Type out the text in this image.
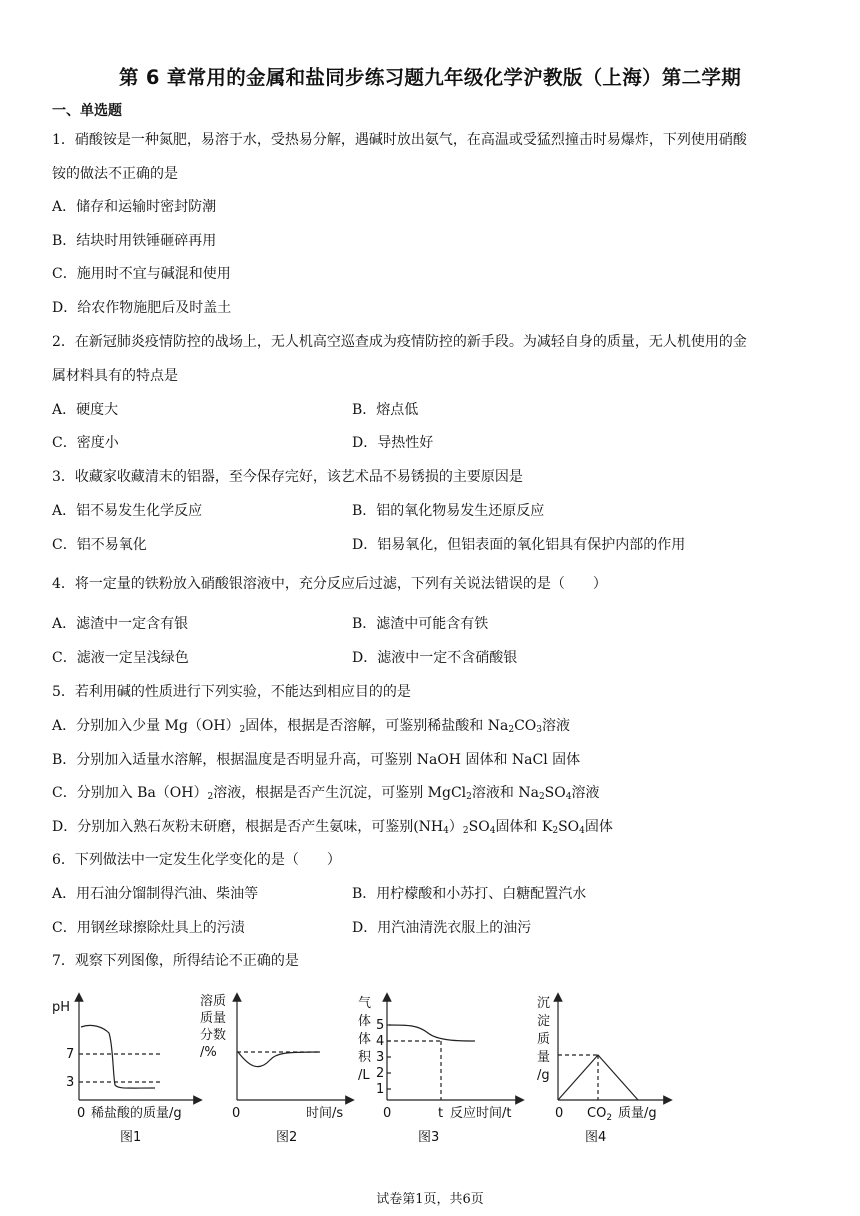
第 6 章常用的金属和盐同步练习题九年级化学沪教版（上海）第二学期
一、单选题
1．硝酸铵是一种氮肥，易溶于水，受热易分解，遇碱时放出氨气，在高温或受猛烈撞击时易爆炸，下列使用硝酸
铵的做法不正确的是
A．储存和运输时密封防潮
B．结块时用铁锤砸碎再用
C．施用时不宜与碱混和使用
D．给农作物施肥后及时盖土
2．在新冠肺炎疫情防控的战场上，无人机高空巡查成为疫情防控的新手段。为减轻自身的质量，无人机使用的金
属材料具有的特点是
A．硬度大	B．熔点低
C．密度小	D．导热性好
3．收藏家收藏清末的铝器，至今保存完好，该艺术品不易锈损的主要原因是
A．铝不易发生化学反应	B．铝的氧化物易发生还原反应
C．铝不易氧化	D．铝易氧化，但铝表面的氧化铝具有保护内部的作用
4．将一定量的铁粉放入硝酸银溶液中，充分反应后过滤，下列有关说法错误的是（　　）
A．滤渣中一定含有银	B．滤渣中可能含有铁
C．滤液一定呈浅绿色	D．滤液中一定不含硝酸银
5．若利用碱的性质进行下列实验，不能达到相应目的的是
A．分别加入少量 $Mg(OH)_2$固体，根据是否溶解，可鉴别稀盐酸和 $Na_2CO_3$溶液
B．分别加入适量水溶解，根据温度是否明显升高，可鉴别 NaOH 固体和 NaCl 固体
C．分别加入 $Ba(OH)_2$溶液，根据是否产生沉淀，可鉴别 MgCl$_2$溶液和 $Na_2SO_4$溶液
D．分别加入熟石灰粉末研磨，根据是否产生氨味，可鉴别$(NH_4)_2SO_4$固体和 $K_2SO_4$固体
6．下列做法中一定发生化学变化的是（　　）
A．用石油分馏制得汽油、柴油等	B．用柠檬酸和小苏打、白糖配置汽水
C．用钢丝球擦除灶具上的污渍	D．用汽油清洗衣服上的油污
7．观察下列图像，所得结论不正确的是
pH
7
3
0 稀盐酸的质量/g
图1
溶质
质量
分数
/%
0	时间/s
图2
气
体
体
积
/L
5
4
3
2
1
0	t 反应时间/t
图3
沉
淀
质
量
/g
0 $CO_2$ 质量/g
图4
试卷第1页，共6页
